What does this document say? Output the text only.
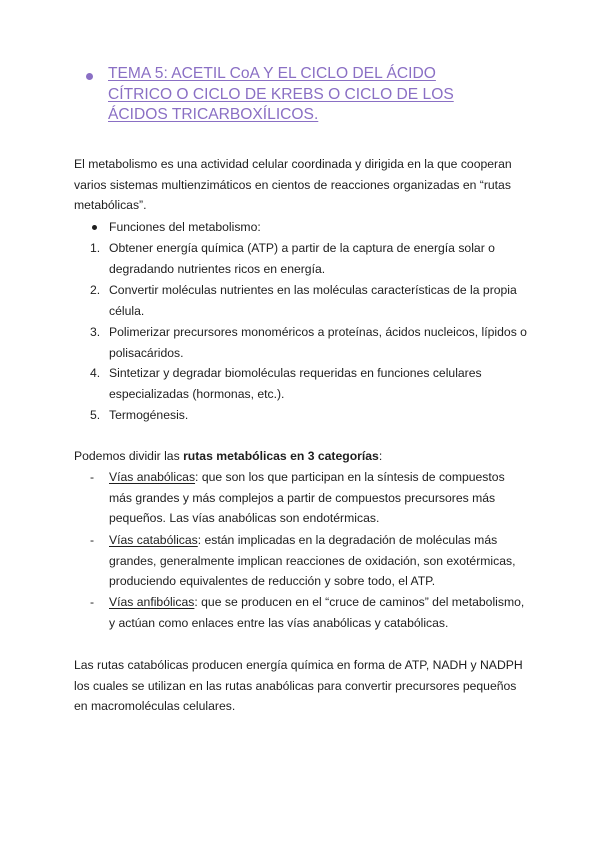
TEMA 5: ACETIL CoA Y EL CICLO DEL ÁCIDO
CÍTRICO O CICLO DE KREBS O CICLO DE LOS
ÁCIDOS TRICARBOXÍLICOS.
El metabolismo es una actividad celular coordinada y dirigida en la que cooperan
varios sistemas multienzimáticos en cientos de reacciones organizadas en “rutas
metabólicas”.
Funciones del metabolismo:
1. Obtener energía química (ATP) a partir de la captura de energía solar o
degradando nutrientes ricos en energía.
2. Convertir moléculas nutrientes en las moléculas características de la propia
célula.
3. Polimerizar precursores monoméricos a proteínas, ácidos nucleicos, lípidos o
polisacáridos.
4. Sintetizar y degradar biomoléculas requeridas en funciones celulares
especializadas (hormonas, etc.).
5. Termogénesis.
Podemos dividir las rutas metabólicas en 3 categorías:
- Vías anabólicas: que son los que participan en la síntesis de compuestos
más grandes y más complejos a partir de compuestos precursores más
pequeños. Las vías anabólicas son endotérmicas.
- Vías catabólicas: están implicadas en la degradación de moléculas más
grandes, generalmente implican reacciones de oxidación, son exotérmicas,
produciendo equivalentes de reducción y sobre todo, el ATP.
- Vías anfibólicas: que se producen en el “cruce de caminos” del metabolismo,
y actúan como enlaces entre las vías anabólicas y catabólicas.
Las rutas catabólicas producen energía química en forma de ATP, NADH y NADPH
los cuales se utilizan en las rutas anabólicas para convertir precursores pequeños
en macromoléculas celulares.
